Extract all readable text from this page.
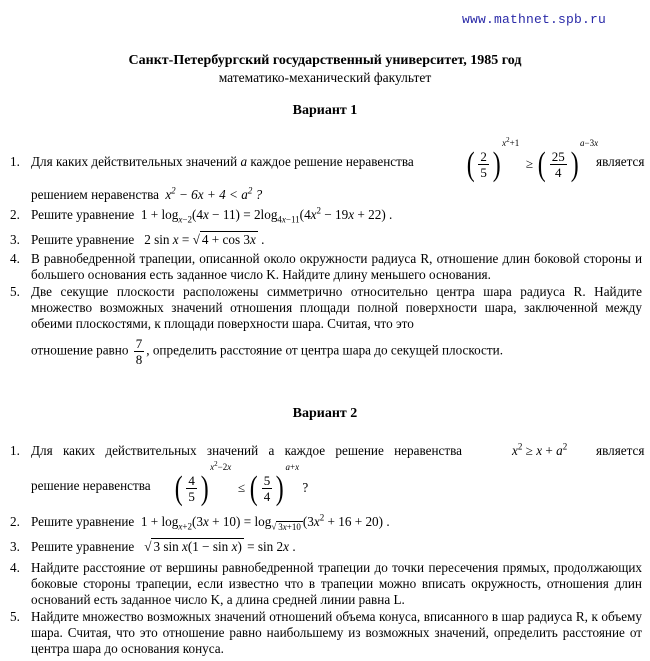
www.mathnet.spb.ru
Санкт-Петербургский государственный университет, 1985 год
математико-механический факультет
Вариант 1
1. Для каких действительных значений a каждое решение неравенства ( $\frac{2}{5} )^{x^2+1}$  ≥ ( $\frac{25}{4} )^{a-3x}$
является
решением неравенства $x^2 - 6x + 4 < a^2$ ?
2. Решите уравнение  $1 + \log_{x-2}(4x - 11) = 2\log_{4x-11}(4x^2 - 19x + 22)$ .
3. Решите уравнение   2 sin x = √ 4 + cos 3x .
4. В равнобедренной трапеции, описанной около окружности радиуса R, отношение длин боковой стороны и большего основания есть заданное число K. Найдите длину меньшего основания.
5. Две секущие плоскости расположены симметрично относительно центра шара радиуса R. Найдите множество возможных значений отношения площади полной поверхности шара, заключенной между обеими плоскостями, к площади поверхности шара. Считая, что это
отношение равно $\frac{7}{8}$ , определить расстояние от центра шара до секущей плоскости.
Вариант 2
1. Для каких действительных значений a каждое решение неравенства	$x^2 \ge x + a^2$ является
решение неравенства ( $\frac{4}{5} )^{x^2-2x}$  ≤ ( $\frac{5}{4} )^{a+x}$ ?
2. Решите уравнение  $1 + \log_{x+2}(3x + 10) = \log_{√ 3x+10} (3x^2 + 16 + 20)$ .
3. Решите уравнение   √ 3 sin x(1 − sin x) = sin 2x .
4. Найдите расстояние от вершины равнобедренной трапеции до точки пересечения прямых, продолжающих боковые стороны трапеции, если известно что в трапеции можно вписать окружность, отношения длин оснований есть заданное число K, а длина средней линии равна L.
5. Найдите множество возможных значений отношений объема конуса, вписанного в шар радиуса R, к объему шара. Считая, что это отношение равно наибольшему из возможных значений, определить расстояние от центра шара до основания конуса.
